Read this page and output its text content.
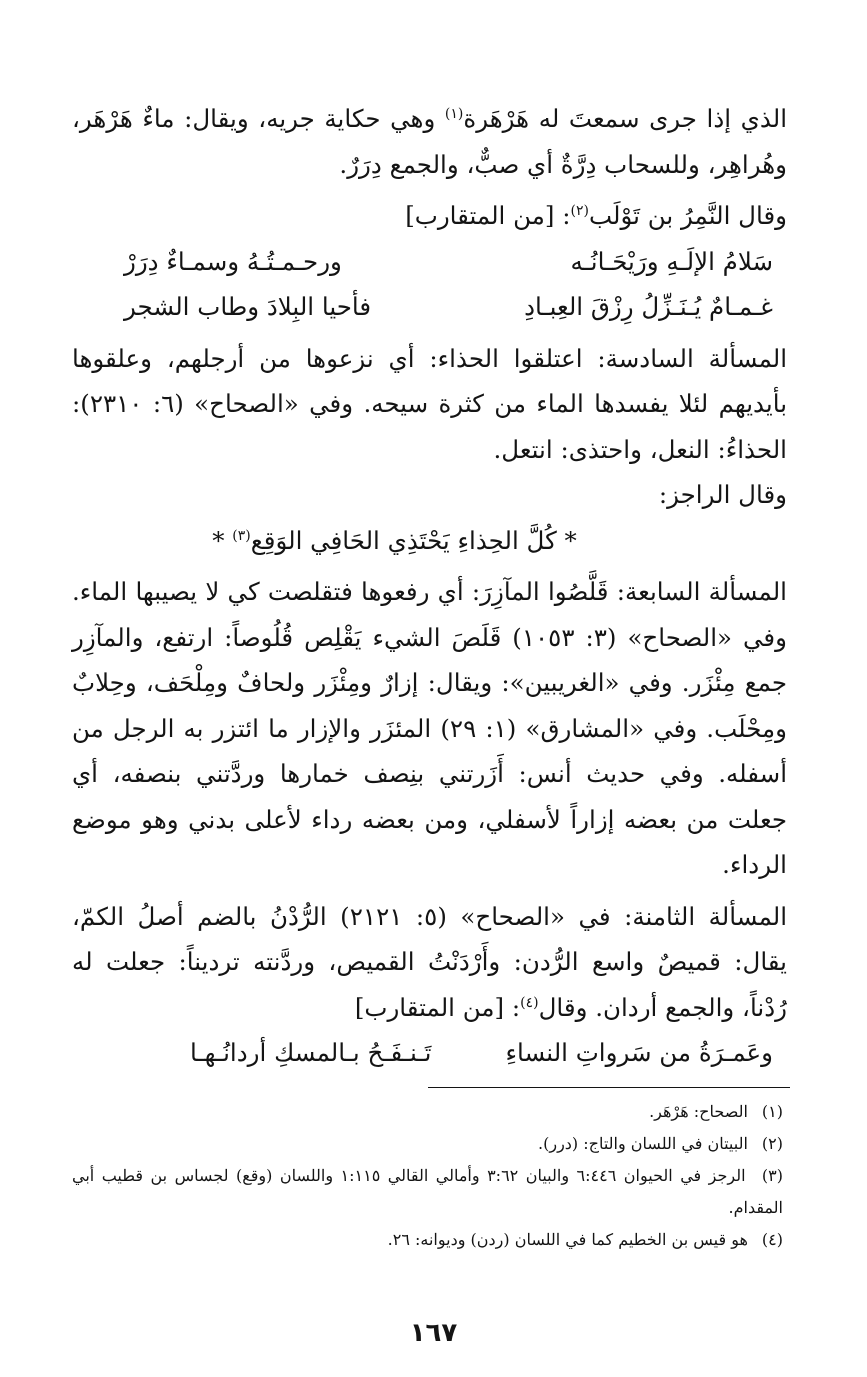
الذي إذا جرى سمعتَ له هَرْهَرة$^{(١)}$ وهي حكاية جريه، ويقال: ماءٌ هَرْهَر، وهُراهِر، وللسحاب دِرَّةٌ أي صبٌّ، والجمع دِرَرٌ.

وقال النَّمِرُ بن تَوْلَب$^{(٢)}$: [من المتقارب]

سَلامُ الإلَـهِ ورَيْحَـانُـه
ورحـمـتُـهُ وسمـاءٌ دِرَرْ
غـمـامٌ يُـنَـزِّلُ رِزْقَ العِبـادِ
فأحيا البِلادَ وطاب الشجر

المسألة السادسة: اعتلقوا الحذاء: أي نزعوها من أرجلهم، وعلقوها بأيديهم لئلا يفسدها الماء من كثرة سيحه. وفي «الصحاح» (٦: ٢٣١٠): الحذاءُ: النعل، واحتذى: انتعل.

وقال الراجز:

* كُلَّ الحِذاءِ يَحْتَذِي الحَافِي الوَقِع$^{(٣)}$ *

المسألة السابعة: قَلَّصُوا المآزِرَ: أي رفعوها فتقلصت كي لا يصيبها الماء. وفي «الصحاح» (٣: ١٠٥٣) قَلَصَ الشيء يَقْلِص قُلُوصاً: ارتفع، والمآزِر جمع مِئْزَر. وفي «الغريبين»: ويقال: إزارٌ ومِئْزَر ولحافٌ ومِلْحَف، وحِلابٌ ومِحْلَب. وفي «المشارق» (١: ٢٩) المئزَر والإزار ما ائتزر به الرجل من أسفله. وفي حديث أنس: أَزَرتني بنِصف خمارها وردَّتني بنصفه، أي جعلت من بعضه إزاراً لأسفلي، ومن بعضه رداء لأعلى بدني وهو موضع الرداء.

المسألة الثامنة: في «الصحاح» (٥: ٢١٢١) الرُّدْنُ بالضم أصلُ الكمّ، يقال: قميصٌ واسع الرُّدن: وأَرْدَنْتُ القميص، وردَّنته ترديناً: جعلت له رُدْناً، والجمع أردان. وقال$^{(٤)}$: [من المتقارب]

وعَمـرَةُ من سَرواتِ النساءِ
تَـنـفَـحُ بـالمسكِ أردانُـهـا

(١) الصحاح: هَرْهَر.

(٢) البيتان في اللسان والتاج: (درر).

(٣) الرجز في الحيوان ٦:٤٤٦ والبيان ٣:٦٢ وأمالي القالي ١:١١٥ واللسان (وقع) لجساس بن قطيب أبي المقدام.

(٤) هو قيس بن الخطيم كما في اللسان (ردن) وديوانه: ٢٦.

١٦٧
